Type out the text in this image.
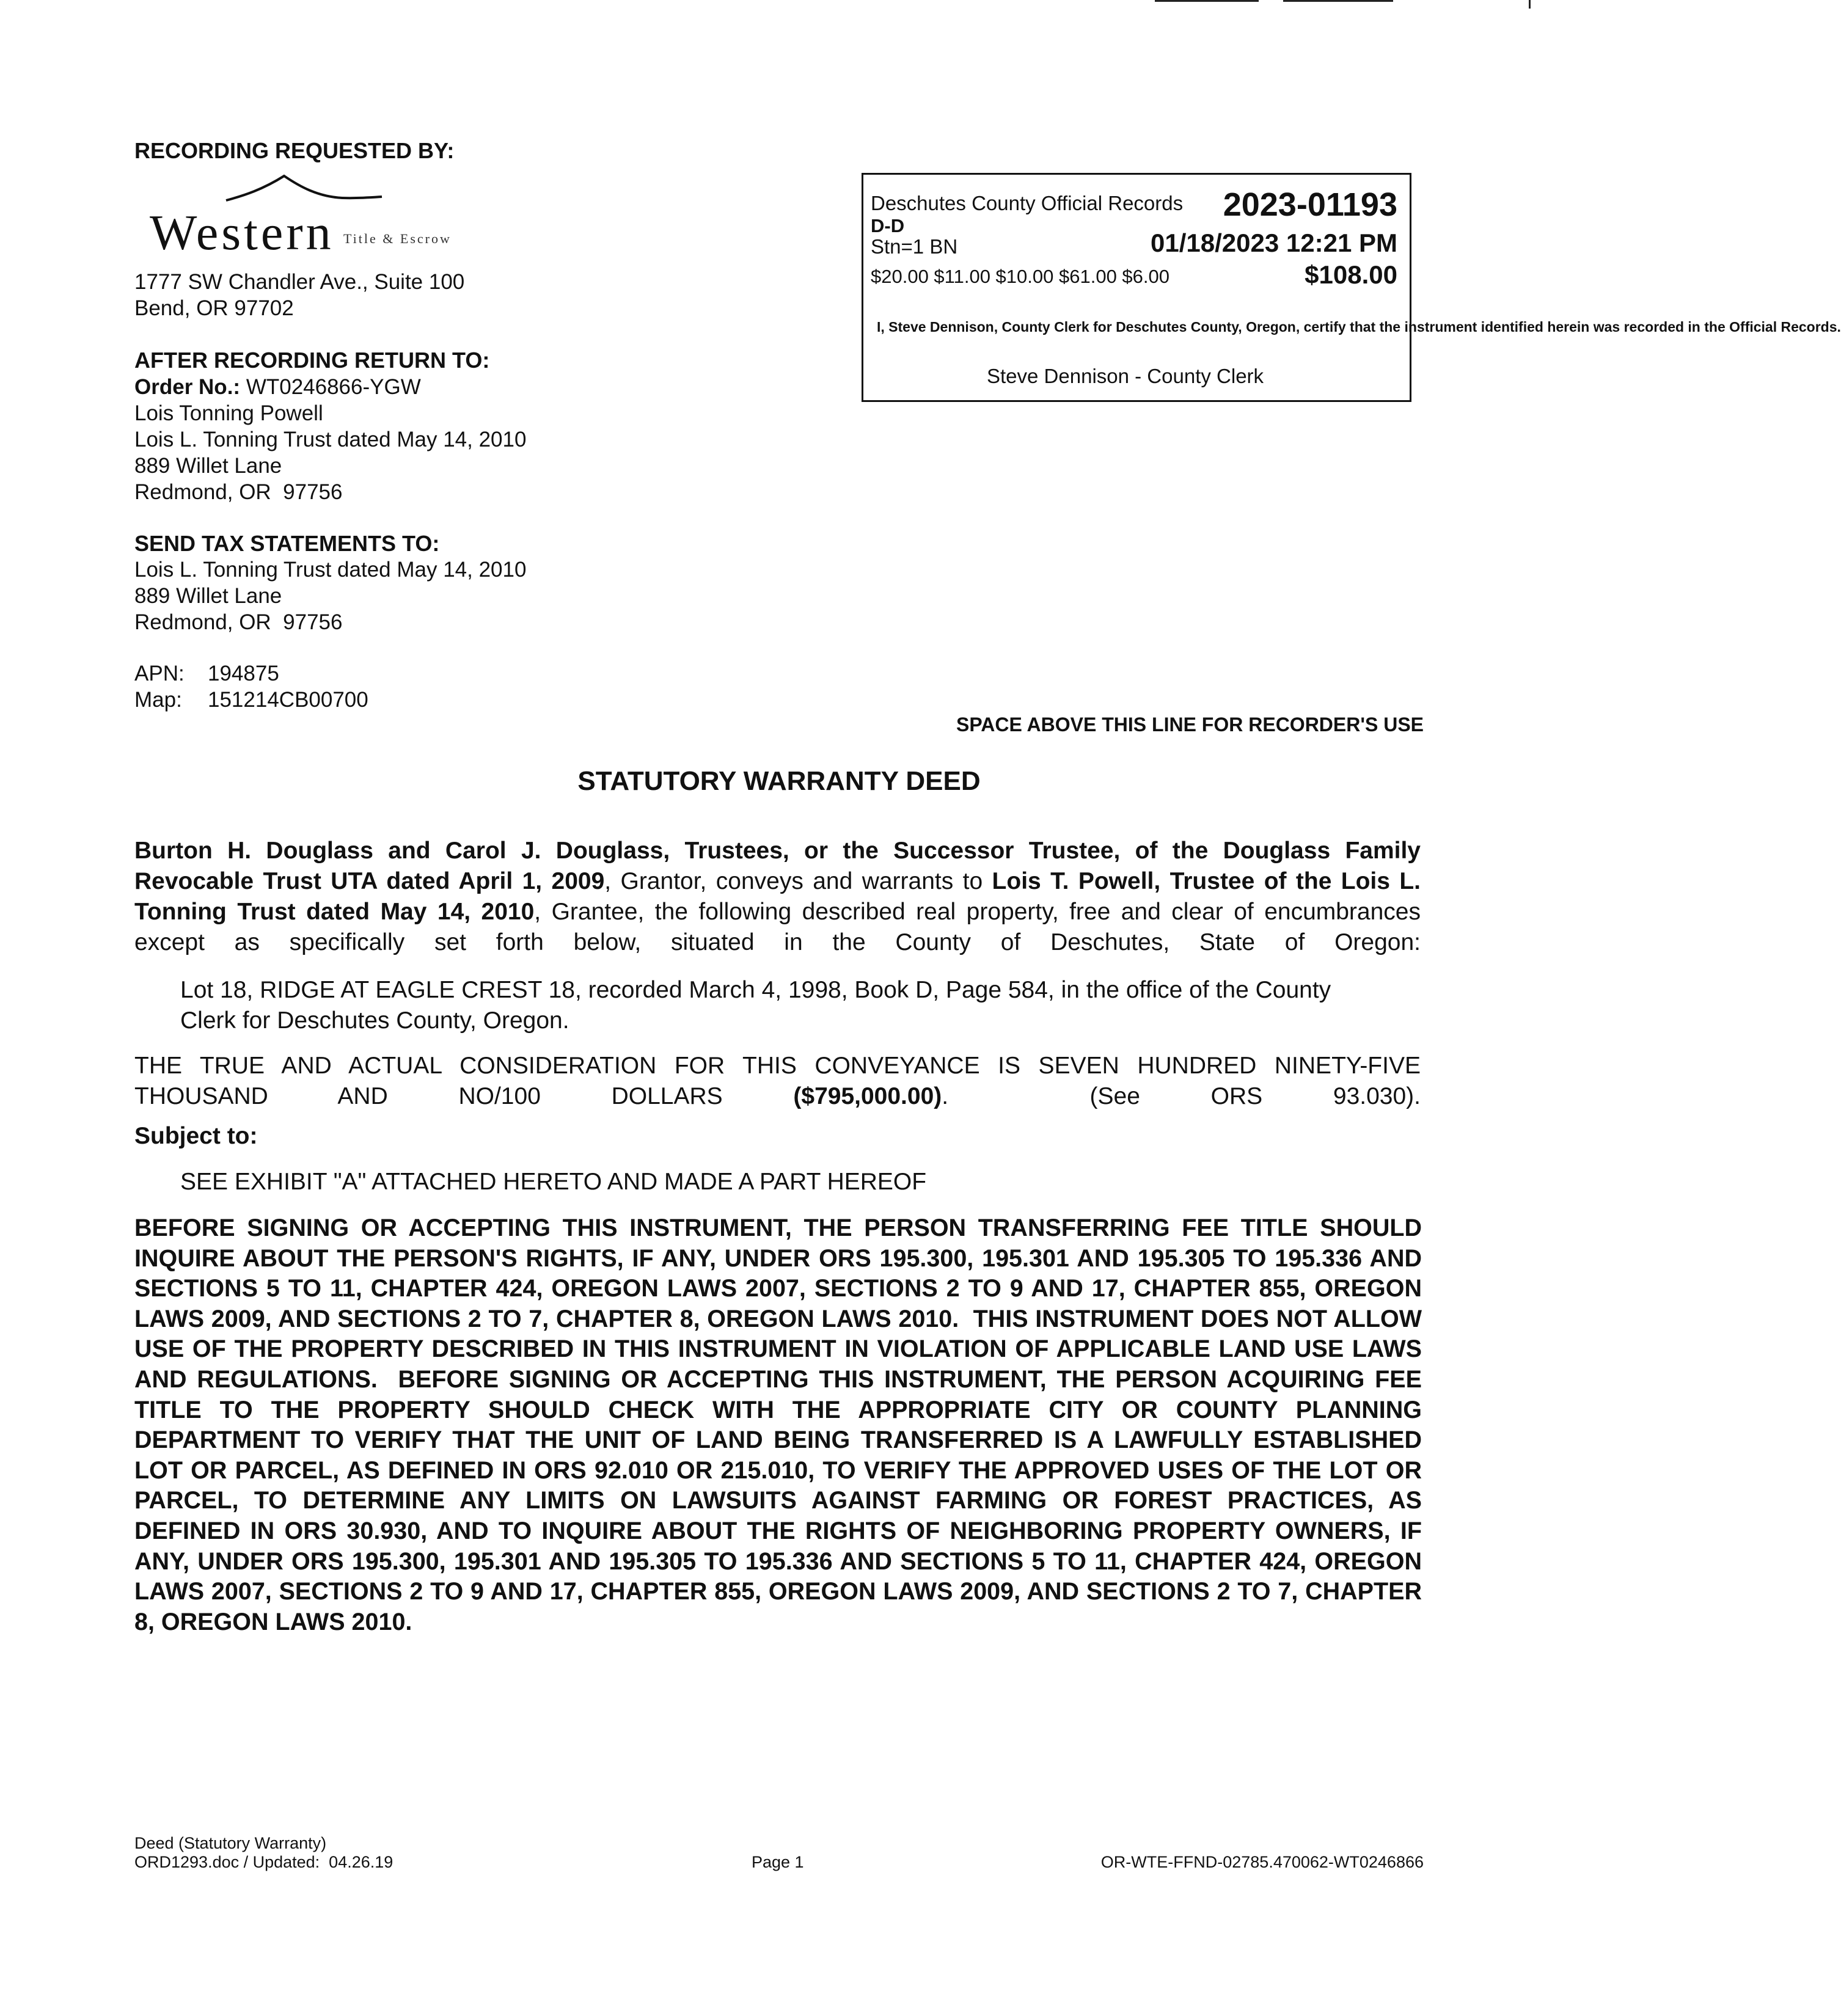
RECORDING REQUESTED BY:
Western Title & Escrow
1777 SW Chandler Ave., Suite 100
Bend, OR 97702
AFTER RECORDING RETURN TO:
Order No.: WT0246866-YGW
Lois Tonning Powell
Lois L. Tonning Trust dated May 14, 2010
889 Willet Lane
Redmond, OR  97756
SEND TAX STATEMENTS TO:
Lois L. Tonning Trust dated May 14, 2010
889 Willet Lane
Redmond, OR  97756
APN: 194875
Map: 151214CB00700
Deschutes County Official Records 2023-01193
D-D
Stn=1 BN	01/18/2023 12:21 PM
$20.00 $11.00 $10.00 $61.00 $6.00	$108.00
I, Steve Dennison, County Clerk for Deschutes County, Oregon, certify that the instrument identified herein was recorded in the Official Records.
Steve Dennison - County Clerk
SPACE ABOVE THIS LINE FOR RECORDER'S USE
STATUTORY WARRANTY DEED
Burton H. Douglass and Carol J. Douglass, Trustees, or the Successor Trustee, of the Douglass Family Revocable Trust UTA dated April 1, 2009, Grantor, conveys and warrants to Lois T. Powell, Trustee of the Lois L. Tonning Trust dated May 14, 2010, Grantee, the following described real property, free and clear of encumbrances except as specifically set forth below, situated in the County of Deschutes, State of Oregon:
Lot 18, RIDGE AT EAGLE CREST 18, recorded March 4, 1998, Book D, Page 584, in the office of the County Clerk for Deschutes County, Oregon.
THE TRUE AND ACTUAL CONSIDERATION FOR THIS CONVEYANCE IS SEVEN HUNDRED NINETY-FIVE THOUSAND AND NO/100 DOLLARS ($795,000.00).  (See ORS 93.030).
Subject to:
SEE EXHIBIT "A" ATTACHED HERETO AND MADE A PART HEREOF
BEFORE SIGNING OR ACCEPTING THIS INSTRUMENT, THE PERSON TRANSFERRING FEE TITLE SHOULD INQUIRE ABOUT THE PERSON'S RIGHTS, IF ANY, UNDER ORS 195.300, 195.301 AND 195.305 TO 195.336 AND SECTIONS 5 TO 11, CHAPTER 424, OREGON LAWS 2007, SECTIONS 2 TO 9 AND 17, CHAPTER 855, OREGON LAWS 2009, AND SECTIONS 2 TO 7, CHAPTER 8, OREGON LAWS 2010.  THIS INSTRUMENT DOES NOT ALLOW USE OF THE PROPERTY DESCRIBED IN THIS INSTRUMENT IN VIOLATION OF APPLICABLE LAND USE LAWS AND REGULATIONS.  BEFORE SIGNING OR ACCEPTING THIS INSTRUMENT, THE PERSON ACQUIRING FEE TITLE TO THE PROPERTY SHOULD CHECK WITH THE APPROPRIATE CITY OR COUNTY PLANNING DEPARTMENT TO VERIFY THAT THE UNIT OF LAND BEING TRANSFERRED IS A LAWFULLY ESTABLISHED LOT OR PARCEL, AS DEFINED IN ORS 92.010 OR 215.010, TO VERIFY THE APPROVED USES OF THE LOT OR PARCEL, TO DETERMINE ANY LIMITS ON LAWSUITS AGAINST FARMING OR FOREST PRACTICES, AS DEFINED IN ORS 30.930, AND TO INQUIRE ABOUT THE RIGHTS OF NEIGHBORING PROPERTY OWNERS, IF ANY, UNDER ORS 195.300, 195.301 AND 195.305 TO 195.336 AND SECTIONS 5 TO 11, CHAPTER 424, OREGON LAWS 2007, SECTIONS 2 TO 9 AND 17, CHAPTER 855, OREGON LAWS 2009, AND SECTIONS 2 TO 7, CHAPTER 8, OREGON LAWS 2010.
Deed (Statutory Warranty)
ORD1293.doc / Updated:  04.26.19	Page 1	OR-WTE-FFND-02785.470062-WT0246866
